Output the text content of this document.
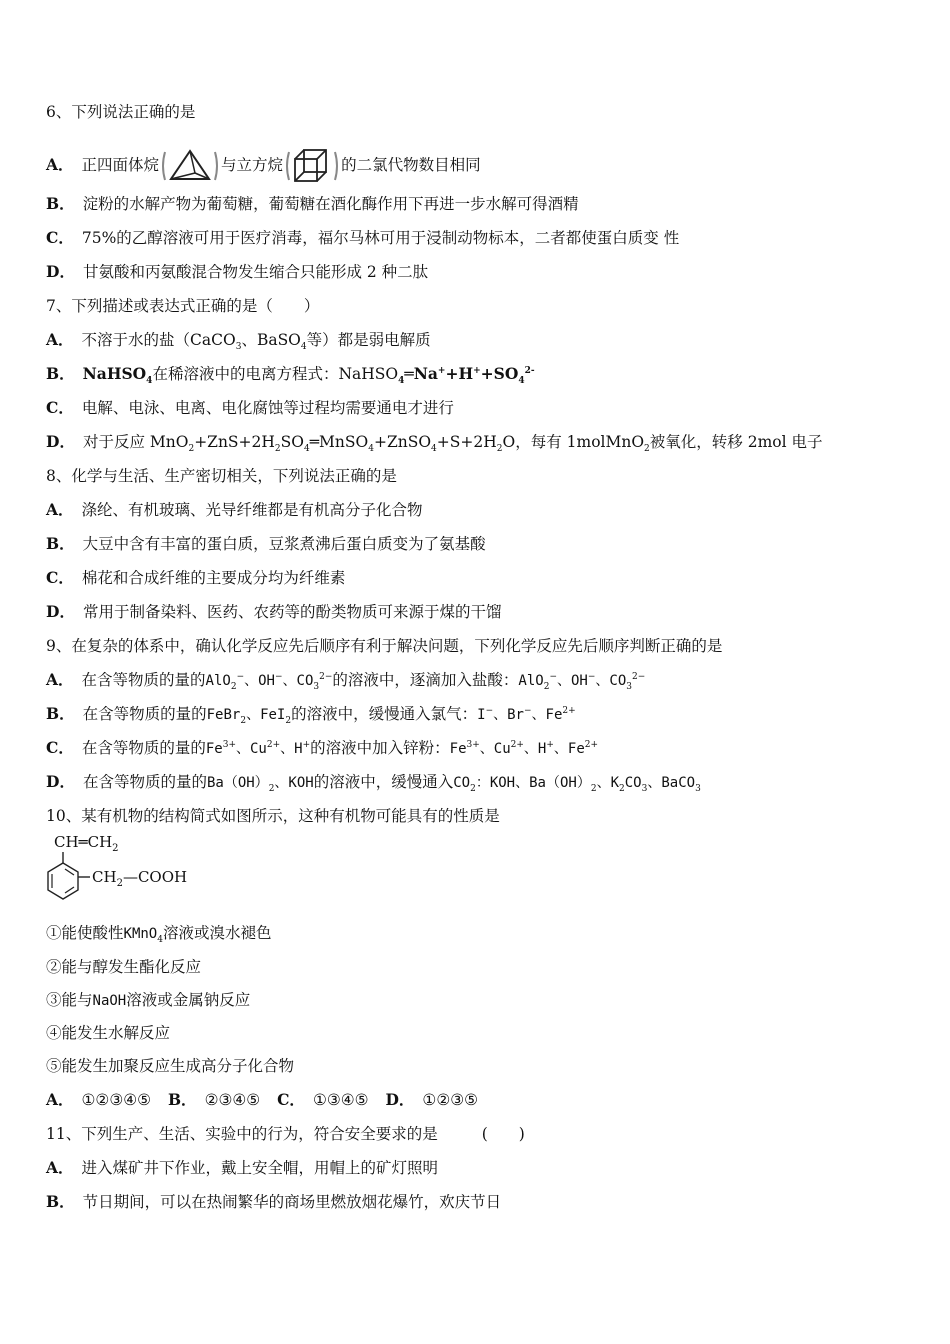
6、下列说法正确的是
A． 正四面体烷	与立方烷	的二氯代物数目相同
B． 淀粉的水解产物为葡萄糖，葡萄糖在酒化酶作用下再进一步水解可得酒精
C． 75%的乙醇溶液可用于医疗消毒，福尔马林可用于浸制动物标本，二者都使蛋白质变 性
D． 甘氨酸和丙氨酸混合物发生缩合只能形成 2 种二肽
7、下列描述或表达式正确的是（　　）
A． 不溶于水的盐（CaCO$_3$、BaSO$_4$等）都是弱电解质
B． NaHSO$_4$在稀溶液中的电离方程式：$NaHSO_4═Na^++H^++SO_4^{2-}$
C． 电解、电泳、电离、电化腐蚀等过程均需要通电才进行
D． 对于反应 $MnO_2+ZnS+2H_2SO_4═MnSO_4+ZnSO_4+S+2H_2O$，每有 1molMnO$_2$被氧化，转移 2mol 电子
8、化学与生活、生产密切相关，下列说法正确的是
A． 涤纶、有机玻璃、光导纤维都是有机高分子化合物
B． 大豆中含有丰富的蛋白质，豆浆煮沸后蛋白质变为了氨基酸
C． 棉花和合成纤维的主要成分均为纤维素
D． 常用于制备染料、医药、农药等的酚类物质可来源于煤的干馏
9、在复杂的体系中，确认化学反应先后顺序有利于解决问题，下列化学反应先后顺序判断正确的是
A． 在含等物质的量的AlO$_2$−、OH−、$CO_3^{2-}$的溶液中，逐滴加入盐酸：AlO$_2$−、OH−、$CO_3^{2-}$
B． 在含等物质的量的FeBr$_2$、FeI$_2$的溶液中，缓慢通入氯气：I−、Br−、$Fe^{2+}$
C． 在含等物质的量的$Fe^{3+}$、$Cu^{2+}$、H+的溶液中加入锌粉：$Fe^{3+}$、$Cu^{2+}$、H+、$Fe^{2+}$
D． 在含等物质的量的$Ba(OH)_2$、KOH的溶液中，缓慢通入$CO_2$：KOH、$Ba(OH)_2$、$K_2CO_3$、BaCO$_3$
10、某有机物的结构简式如图所示，这种有机物可能具有的性质是
$CH═CH_2$
$CH_2—COOH$
①能使酸性KMnO$_4$溶液或溴水褪色
②能与醇发生酯化反应
③能与NaOH溶液或金属钠反应
④能发生水解反应
⑤能发生加聚反应生成高分子化合物
A． ①②③④⑤ B． ②③④⑤ C． ①③④⑤ D． ①②③⑤
11、下列生产、生活、实验中的行为，符合安全要求的是	(　　)
A． 进入煤矿井下作业，戴上安全帽，用帽上的矿灯照明
B． 节日期间，可以在热闹繁华的商场里燃放烟花爆竹，欢庆节日
